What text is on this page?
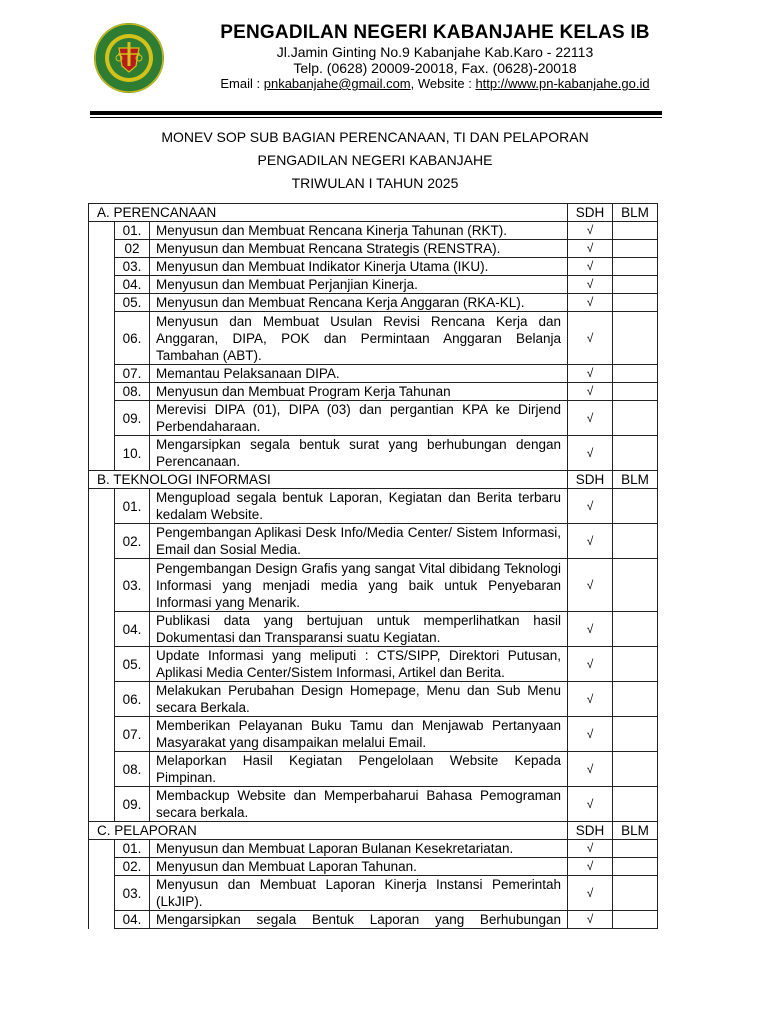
PENGADILAN NEGERI KABANJAHE KELAS IB
Jl.Jamin Ginting No.9 Kabanjahe Kab.Karo - 22113
Telp. (0628) 20009-20018, Fax. (0628)-20018
Email : pnkabanjahe@gmail.com, Website : http://www.pn-kabanjahe.go.id
MONEV SOP SUB BAGIAN PERENCANAAN, TI DAN PELAPORAN
PENGADILAN NEGERI KABANJAHE
TRIWULAN I TAHUN 2025
A. PERENCANAAN			SDH	BLM
	01.	Menyusun dan Membuat Rencana Kinerja Tahunan (RKT).	√	
	02	Menyusun dan Membuat Rencana Strategis (RENSTRA).	√	
	03.	Menyusun dan Membuat Indikator Kinerja Utama (IKU).	√	
	04.	Menyusun dan Membuat Perjanjian Kinerja.	√	
	05.	Menyusun dan Membuat Rencana Kerja Anggaran (RKA-KL).	√	
	06.	Menyusun dan Membuat Usulan Revisi Rencana Kerja dan Anggaran, DIPA, POK dan Permintaan Anggaran Belanja Tambahan (ABT).	√	
	07.	Memantau Pelaksanaan DIPA.	√	
	08.	Menyusun dan Membuat Program Kerja Tahunan	√	
	09.	Merevisi DIPA (01), DIPA (03) dan pergantian KPA ke Dirjend Perbendaharaan.	√	
	10.	Mengarsipkan segala bentuk surat yang berhubungan dengan Perencanaan.	√	
B. TEKNOLOGI INFORMASI			SDH	BLM
	01.	Mengupload segala bentuk Laporan, Kegiatan dan Berita terbaru kedalam Website.	√	
	02.	Pengembangan Aplikasi Desk Info/Media Center/ Sistem Informasi, Email dan Sosial Media.	√	
	03.	Pengembangan Design Grafis yang sangat Vital dibidang Teknologi Informasi yang menjadi media yang baik untuk Penyebaran Informasi yang Menarik.	√	
	04.	Publikasi data yang bertujuan untuk memperlihatkan hasil Dokumentasi dan Transparansi suatu Kegiatan.	√	
	05.	Update Informasi yang meliputi : CTS/SIPP, Direktori Putusan, Aplikasi Media Center/Sistem Informasi, Artikel dan Berita.	√	
	06.	Melakukan Perubahan Design Homepage, Menu dan Sub Menu secara Berkala.	√	
	07.	Memberikan Pelayanan Buku Tamu dan Menjawab Pertanyaan Masyarakat yang disampaikan melalui Email.	√	
	08.	Melaporkan Hasil Kegiatan Pengelolaan Website Kepada Pimpinan.	√	
	09.	Membackup Website dan Memperbaharui Bahasa Pemograman secara berkala.	√	
C. PELAPORAN			SDH	BLM
	01.	Menyusun dan Membuat Laporan Bulanan Kesekretariatan.	√	
	02.	Menyusun dan Membuat Laporan Tahunan.	√	
	03.	Menyusun dan Membuat Laporan Kinerja Instansi Pemerintah (LkJIP).	√	
	04.	Mengarsipkan segala Bentuk Laporan yang Berhubungan	√	
